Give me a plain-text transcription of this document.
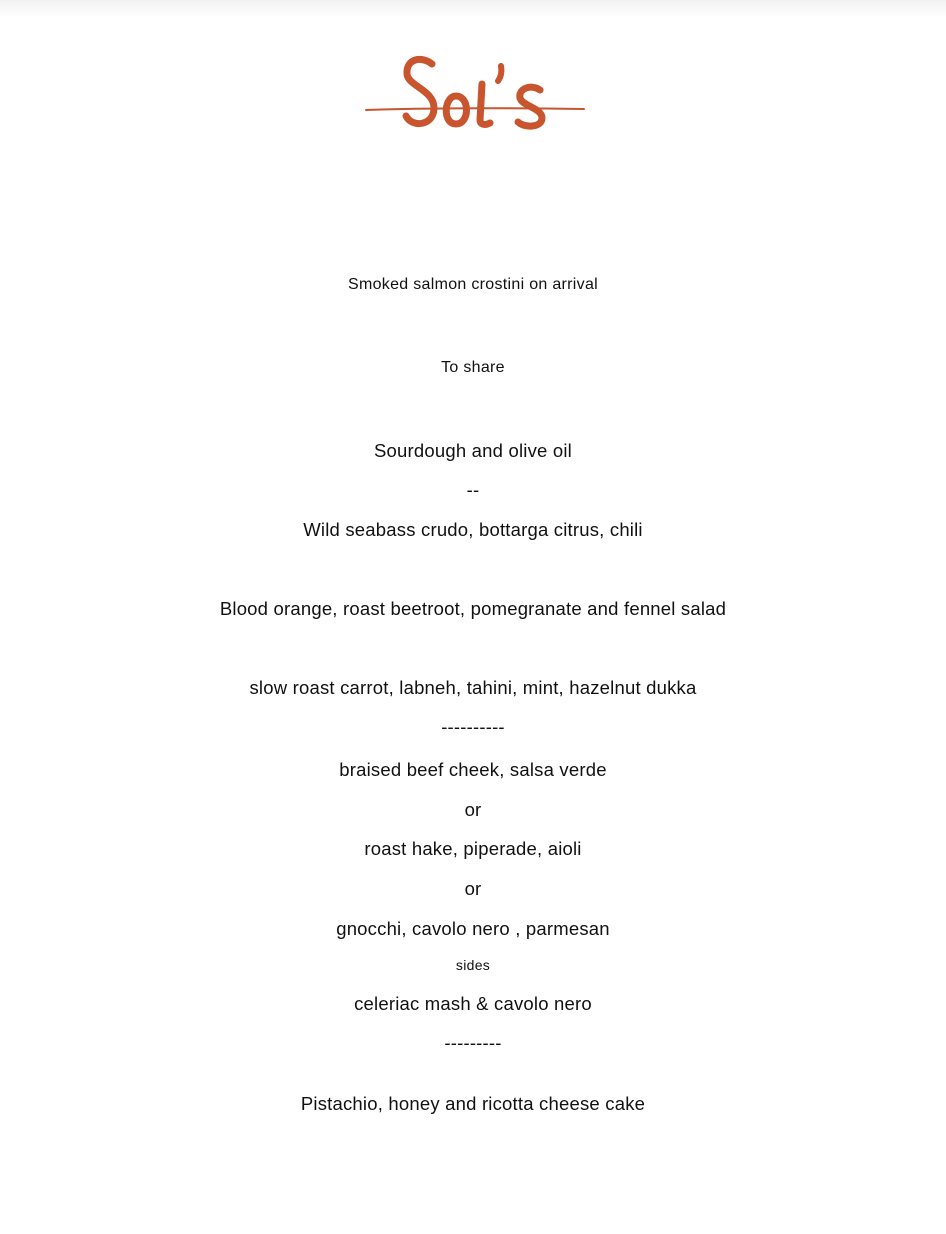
Smoked salmon crostini on arrival
To share
Sourdough and olive oil
--
Wild seabass crudo, bottarga citrus, chili
Blood orange, roast beetroot, pomegranate and fennel salad
slow roast carrot, labneh, tahini, mint, hazelnut dukka
----------
braised beef cheek, salsa verde
or
roast hake, piperade, aioli
or
gnocchi, cavolo nero , parmesan
sides
celeriac mash & cavolo nero
---------
Pistachio, honey and ricotta cheese cake
